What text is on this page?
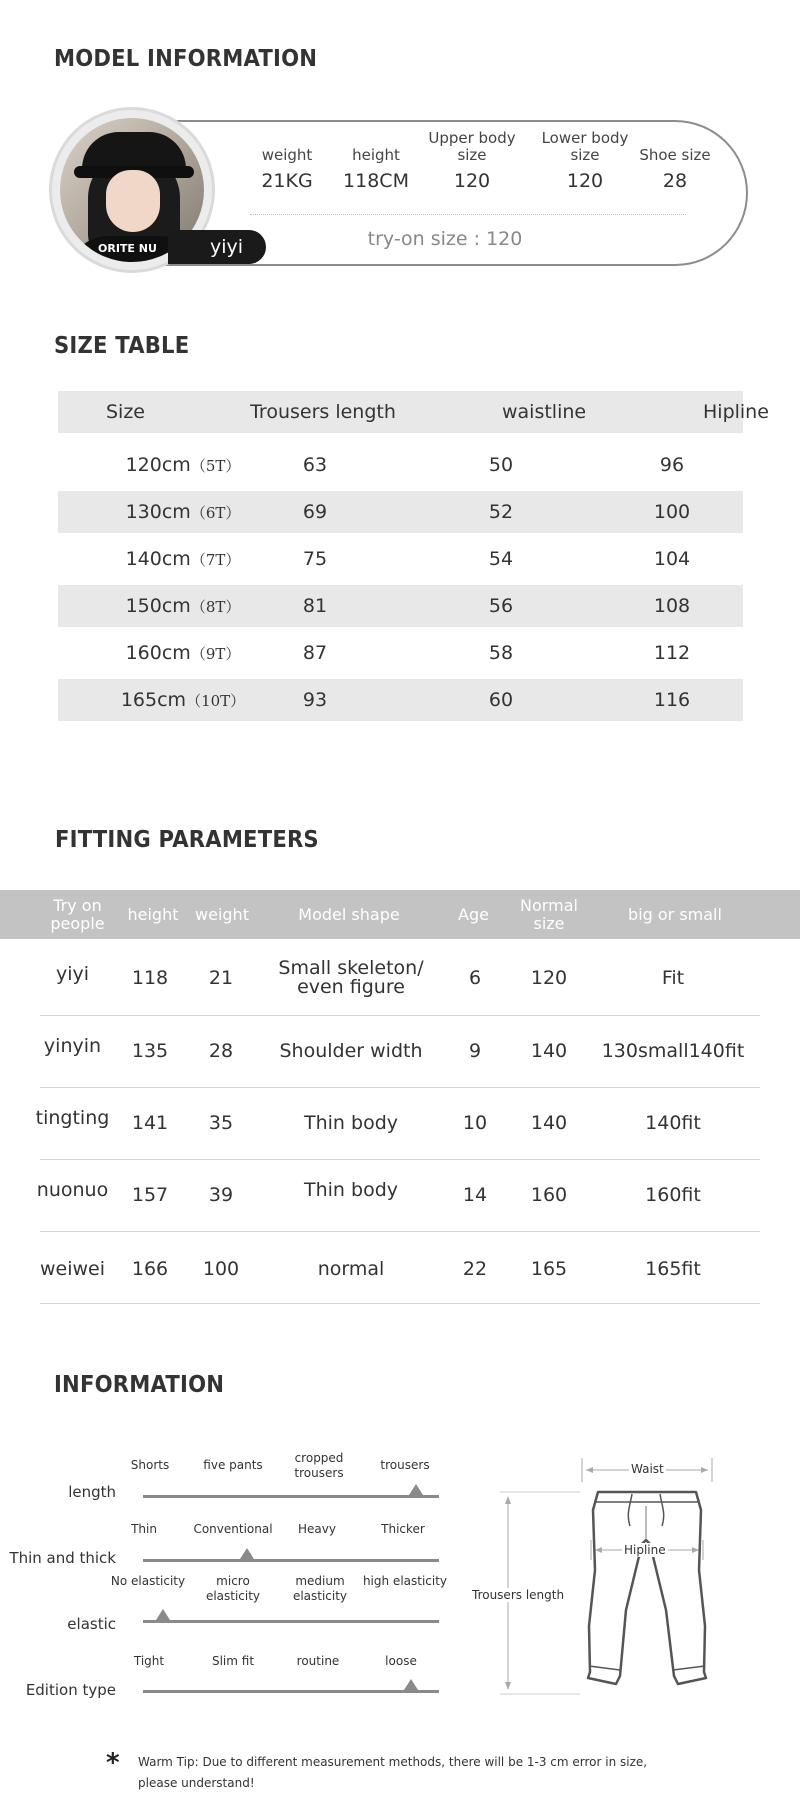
MODEL INFORMATION
ORITE NU	yiyi
weight
21KG
height
118CM
Upper body size
120
Lower body size
120
Shoe size
28
try-on size : 120
SIZE TABLE
Size	Trousers length	waistline	Hipline
120cm（5T）	63	50	96
130cm（6T）	69	52	100
140cm（7T）	75	54	104
150cm（8T）	81	56	108
160cm（9T）	87	58	112
165cm（10T）	93	60	116
FITTING PARAMETERS
Try on people	height	weight	Model shape	Age	Normal size	big or small
yiyi	118	21	Small skeleton/ even figure	6	120	Fit
yinyin	135	28	Shoulder width	9	140	130small140fit
tingting	141	35	Thin body	10	140	140fit
nuonuo	157	39	Thin body	14	160	160fit
weiwei	166	100	normal	22	165	165fit
INFORMATION
length
Shorts	five pants	cropped trousers
trousers
Thin and thick
Thin	Conventional	Heavy	Thicker
elastic
No elasticity	micro elasticity
medium elasticity
high elasticity
Edition type
Tight	Slim fit	routine	loose
Waist
Hipline
Trousers length
* Warm Tip: Due to different measurement methods, there will be 1-3 cm error in size, please understand!
